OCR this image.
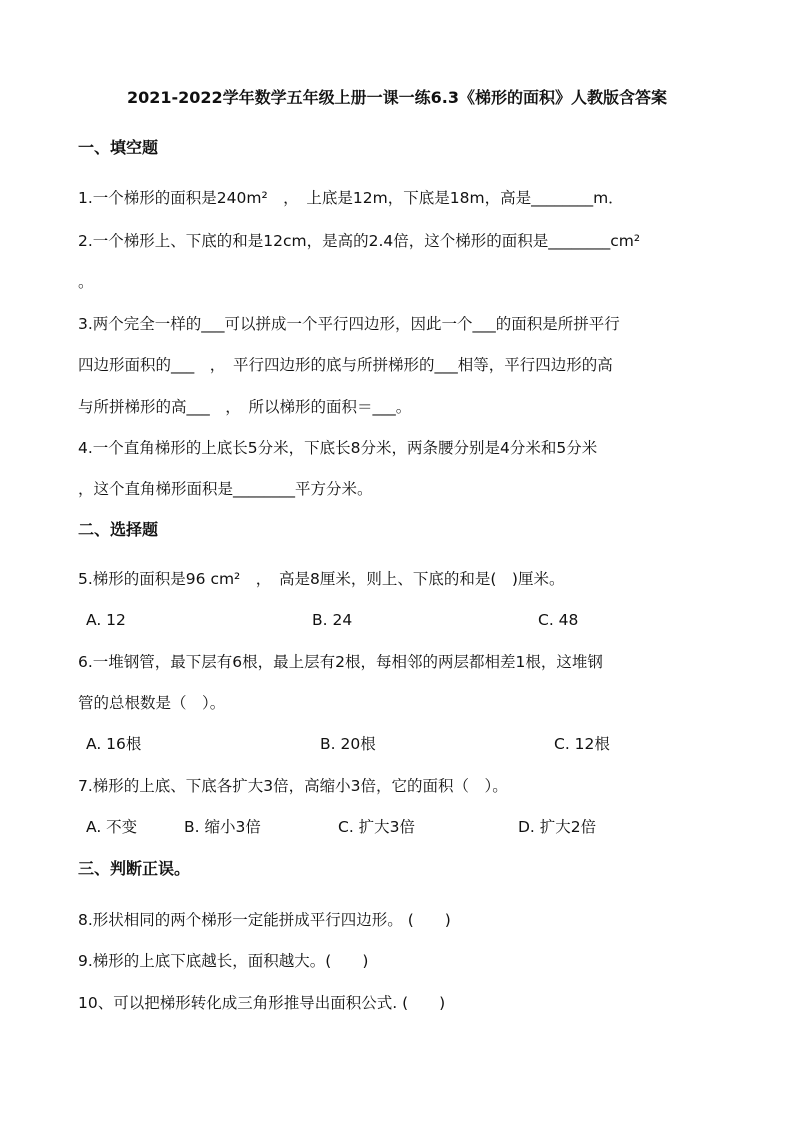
2021-2022学年数学五年级上册一课一练6.3《梯形的面积》人教版含答案
一、填空题
1.一个梯形的面积是240m²　，　上底是12m，下底是18m，高是________m．
2.一个梯形上、下底的和是12cm，是高的2.4倍，这个梯形的面积是________cm²
。
3.两个完全一样的___可以拼成一个平行四边形，因此一个___的面积是所拼平行
四边形面积的___　，　平行四边形的底与所拼梯形的___相等，平行四边形的高
与所拼梯形的高___　，　所以梯形的面积＝___。
4.一个直角梯形的上底长5分米，下底长8分米，两条腰分别是4分米和5分米
，这个直角梯形面积是________平方分米。
二、选择题
5.梯形的面积是96 cm²　，　高是8厘米，则上、下底的和是(　)厘米。
A. 12	B. 24	C. 48
6.一堆钢管，最下层有6根，最上层有2根，每相邻的两层都相差1根，这堆钢
管的总根数是（　）。
A. 16根	B. 20根	C. 12根
7.梯形的上底、下底各扩大3倍，高缩小3倍，它的面积（　）。
A. 不变	B. 缩小3倍	C. 扩大3倍	D. 扩大2倍
三、判断正误。
8.形状相同的两个梯形一定能拼成平行四边形。 (　　)
9.梯形的上底下底越长，面积越大。(　　)
10、可以把梯形转化成三角形推导出面积公式. (　　)
